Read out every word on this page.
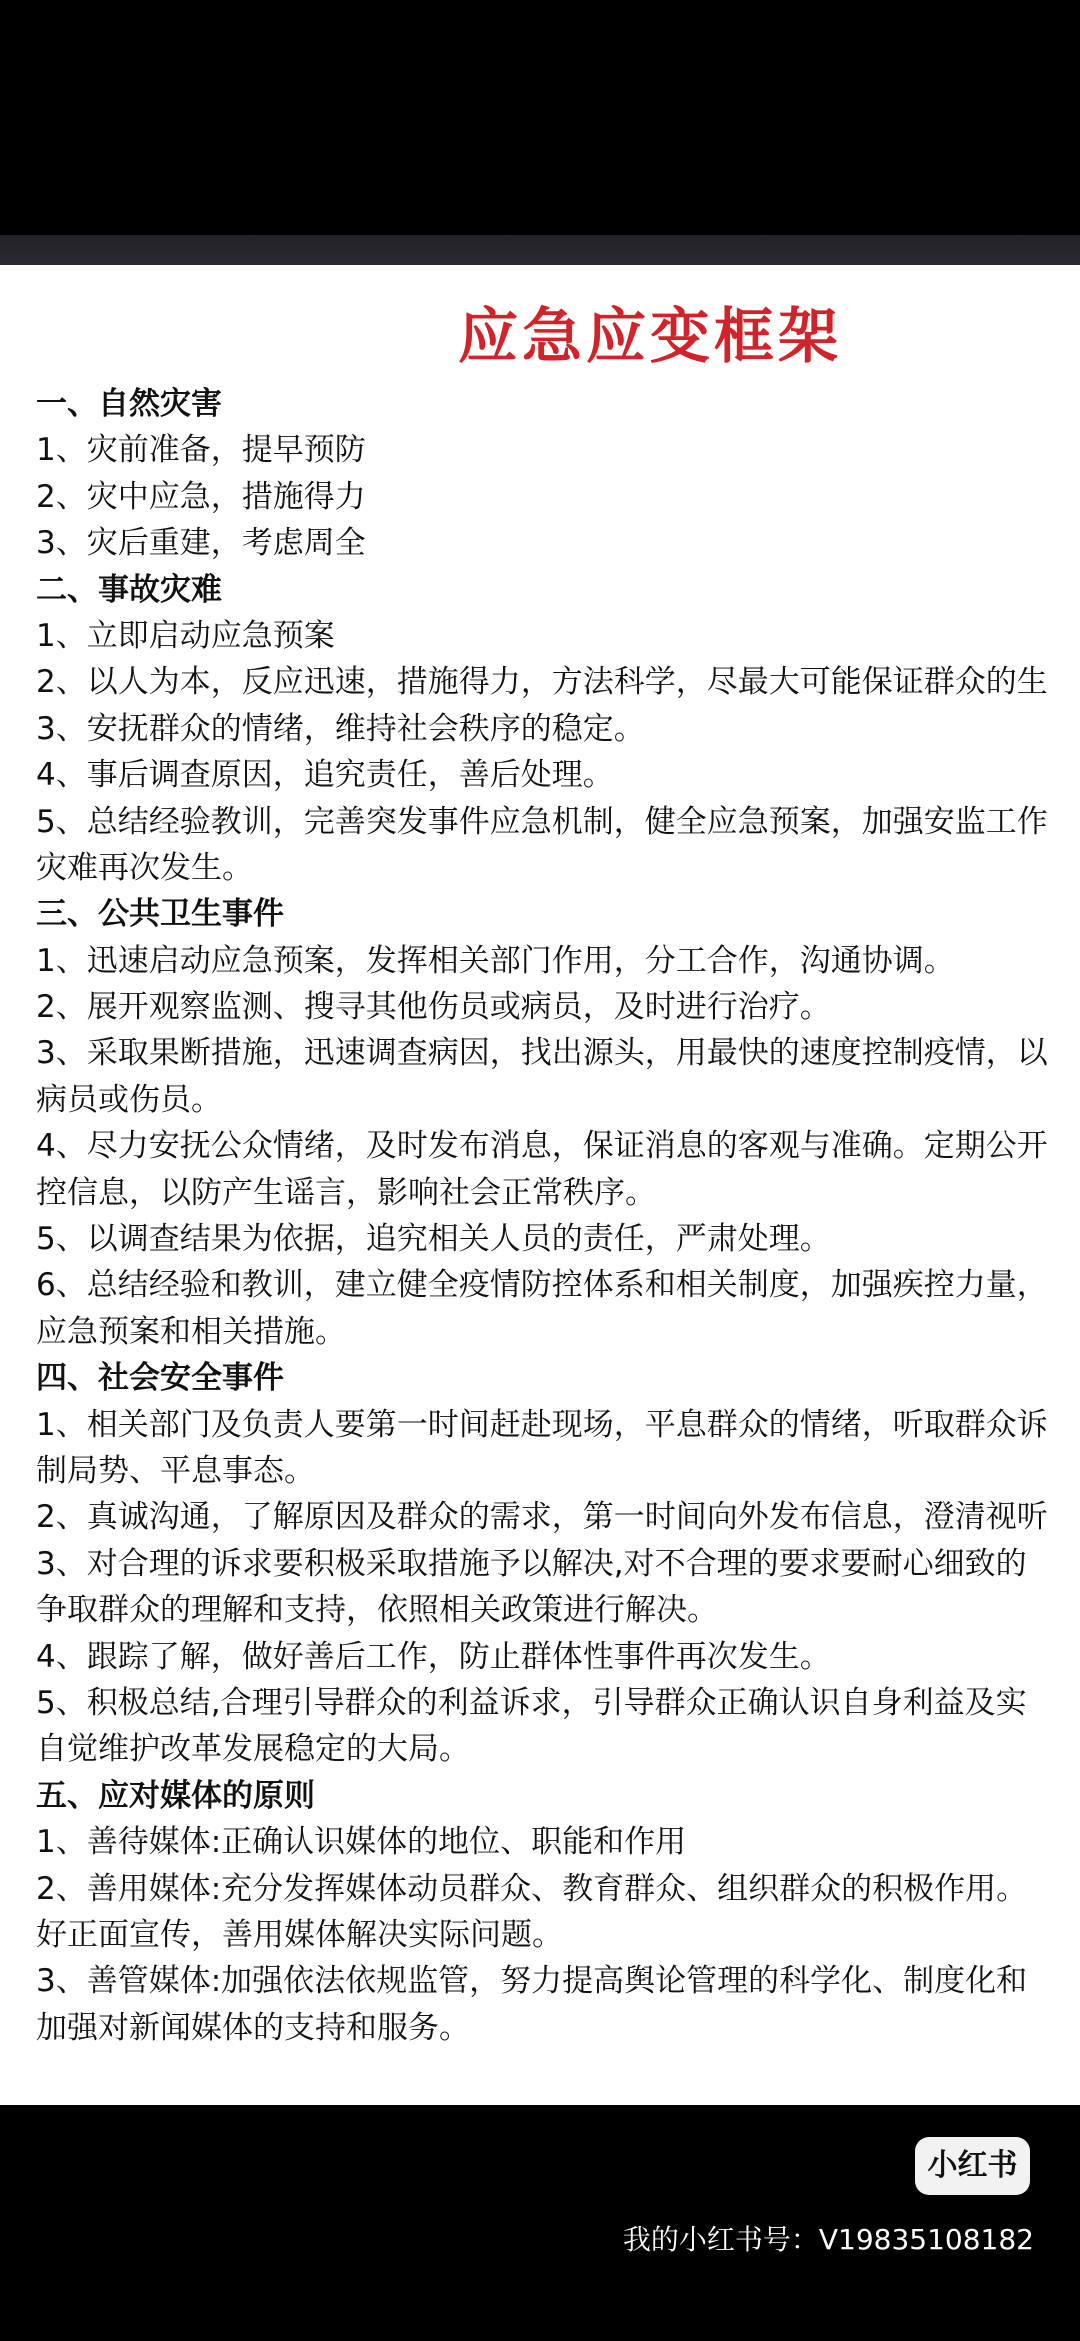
应急应变框架
一、自然灾害
1、灾前准备，提早预防
2、灾中应急，措施得力
3、灾后重建，考虑周全
二、事故灾难
1、立即启动应急预案
2、以人为本，反应迅速，措施得力，方法科学，尽最大可能保证群众的生
3、安抚群众的情绪，维持社会秩序的稳定。
4、事后调查原因，追究责任，善后处理。
5、总结经验教训，完善突发事件应急机制，健全应急预案，加强安监工作
灾难再次发生。
三、公共卫生事件
1、迅速启动应急预案，发挥相关部门作用，分工合作，沟通协调。
2、展开观察监测、搜寻其他伤员或病员，及时进行治疗。
3、采取果断措施，迅速调查病因，找出源头，用最快的速度控制疫情，以
病员或伤员。
4、尽力安抚公众情绪，及时发布消息，保证消息的客观与准确。定期公开
控信息，以防产生谣言，影响社会正常秩序。
5、以调查结果为依据，追究相关人员的责任，严肃处理。
6、总结经验和教训，建立健全疫情防控体系和相关制度，加强疾控力量，
应急预案和相关措施。
四、社会安全事件
1、相关部门及负责人要第一时间赶赴现场，平息群众的情绪，听取群众诉
制局势、平息事态。
2、真诚沟通，了解原因及群众的需求，第一时间向外发布信息，澄清视听
3、对合理的诉求要积极采取措施予以解决,对不合理的要求要耐心细致的
争取群众的理解和支持，依照相关政策进行解决。
4、跟踪了解，做好善后工作，防止群体性事件再次发生。
5、积极总结,合理引导群众的利益诉求，引导群众正确认识自身利益及实
自觉维护改革发展稳定的大局。
五、应对媒体的原则
1、善待媒体:正确认识媒体的地位、职能和作用
2、善用媒体:充分发挥媒体动员群众、教育群众、组织群众的积极作用。
好正面宣传，善用媒体解决实际问题。
3、善管媒体:加强依法依规监管，努力提高舆论管理的科学化、制度化和
加强对新闻媒体的支持和服务。
小红书
我的小红书号：V19835108182
